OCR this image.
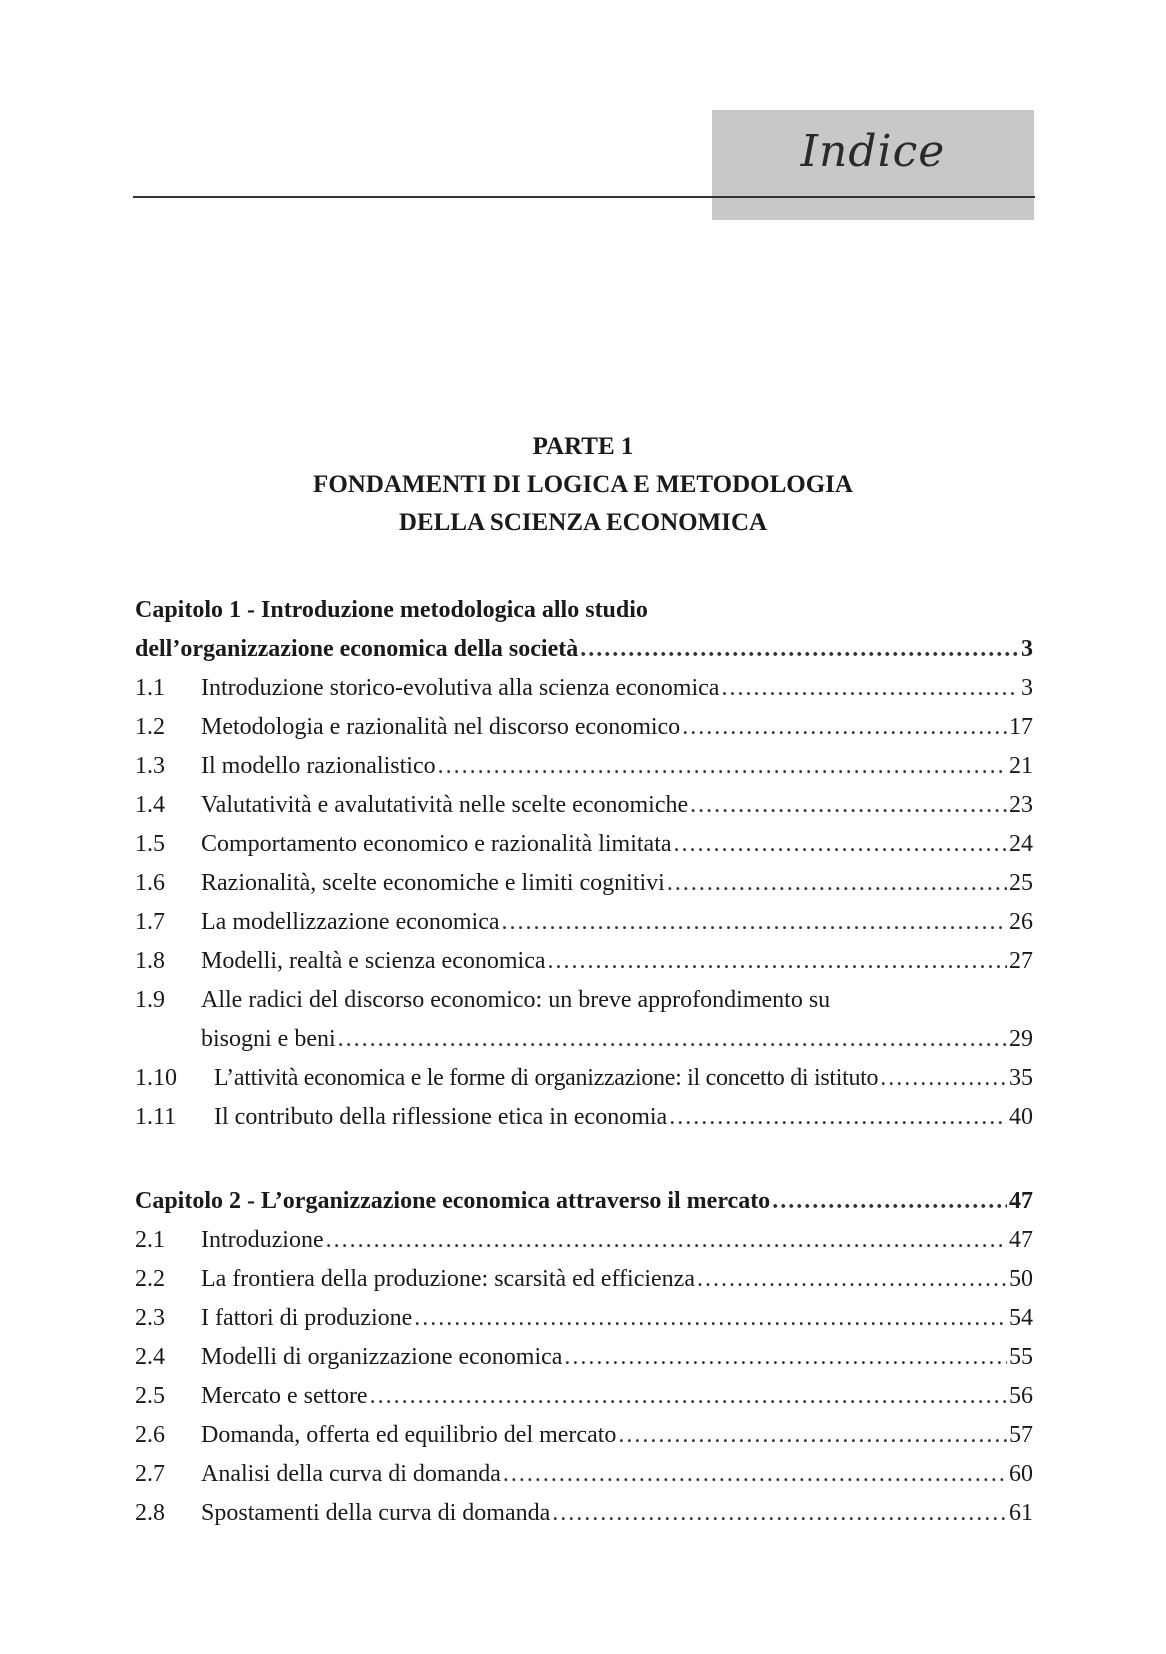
Indice
PARTE 1
FONDAMENTI DI LOGICA E METODOLOGIA
DELLA SCIENZA ECONOMICA
Capitolo 1 - Introduzione metodologica allo studio
dell’organizzazione economica della società .....	3
1.1	Introduzione storico-evolutiva alla scienza economica .....	3
1.2	Metodologia e razionalità nel discorso economico .....	17
1.3	Il modello razionalistico .....	21
1.4	Valutatività e avalutatività nelle scelte economiche .....	23
1.5	Comportamento economico e razionalità limitata .....	24
1.6	Razionalità, scelte economiche e limiti cognitivi .....	25
1.7	La modellizzazione economica .....	26
1.8	Modelli, realtà e scienza economica .....	27
1.9	Alle radici del discorso economico: un breve approfondimento su
bisogni e beni .....	29
1.10	L’attività economica e le forme di organizzazione: il concetto di istituto .....	35
1.11	Il contributo della riflessione etica in economia .....	40
Capitolo 2 - L’organizzazione economica attraverso il mercato .....	47
2.1	Introduzione .....	47
2.2	La frontiera della produzione: scarsità ed efficienza .....	50
2.3	I fattori di produzione .....	54
2.4	Modelli di organizzazione economica .....	55
2.5	Mercato e settore .....	56
2.6	Domanda, offerta ed equilibrio del mercato .....	57
2.7	Analisi della curva di domanda .....	60
2.8	Spostamenti della curva di domanda .....	61
